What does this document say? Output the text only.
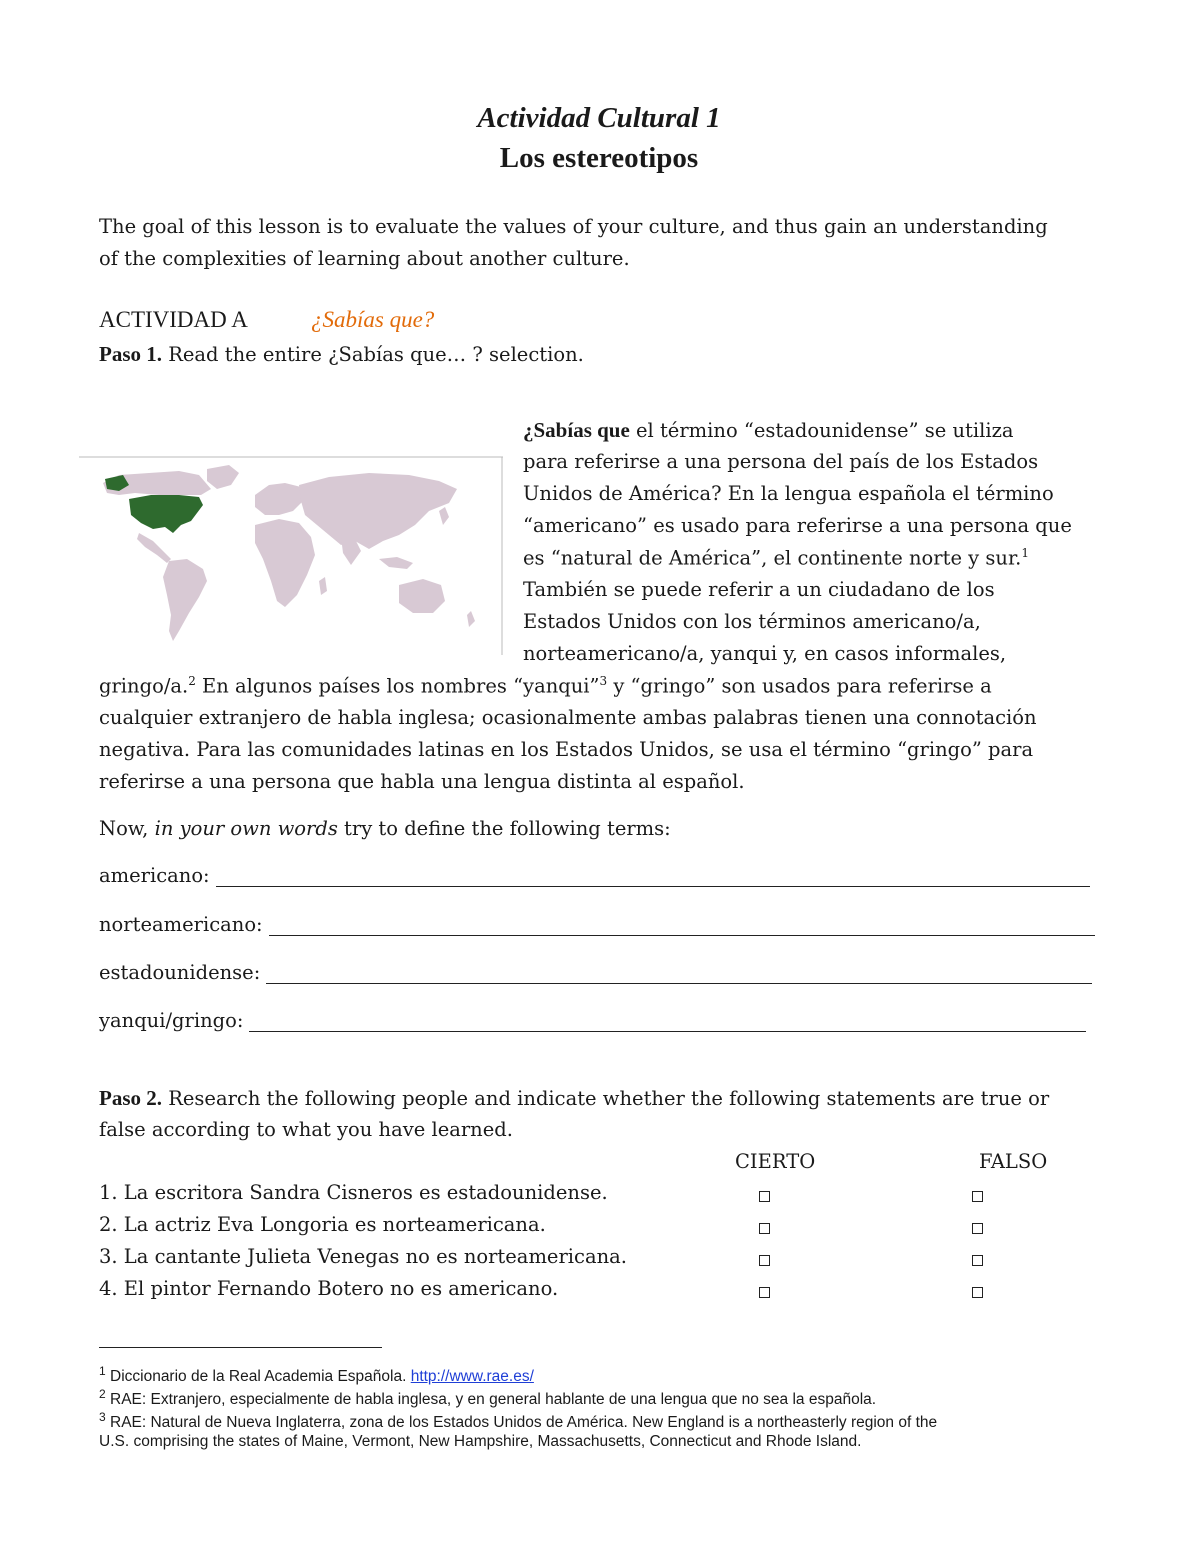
Actividad Cultural 1
Los estereotipos
The goal of this lesson is to evaluate the values of your culture, and thus gain an understanding
of the complexities of learning about another culture.
ACTIVIDAD A	¿Sabías que?
Paso 1. Read the entire ¿Sabías que… ? selection.
¿Sabías que el término “estadounidense” se utiliza
para referirse a una persona del país de los Estados
Unidos de América? En la lengua española el término
“americano” es usado para referirse a una persona que
es “natural de América”, el continente norte y sur.$^1$
También se puede referir a un ciudadano de los
Estados Unidos con los términos americano/a,
norteamericano/a, yanqui y, en casos informales,
gringo/a.$^2$ En algunos países los nombres “yanqui”$^3$ y “gringo” son usados para referirse a
cualquier extranjero de habla inglesa; ocasionalmente ambas palabras tienen una connotación
negativa. Para las comunidades latinas en los Estados Unidos, se usa el término “gringo” para
referirse a una persona que habla una lengua distinta al español.
Now, in your own words try to define the following terms:
americano:
norteamericano:
estadounidense:
yanqui/gringo:
Paso 2. Research the following people and indicate whether the following statements are true or
false according to what you have learned.
CIERTO	FALSO
1. La escritora Sandra Cisneros es estadounidense.
2. La actriz Eva Longoria es norteamericana.
3. La cantante Julieta Venegas no es norteamericana.
4. El pintor Fernando Botero no es americano.
$^1$ Diccionario de la Real Academia Española. http://www.rae.es/
$^2$ RAE: Extranjero, especialmente de habla inglesa, y en general hablante de una lengua que no sea la española.
$^3$ RAE: Natural de Nueva Inglaterra, zona de los Estados Unidos de América. New England is a northeasterly region of the
U.S. comprising the states of Maine, Vermont, New Hampshire, Massachusetts, Connecticut and Rhode Island.
